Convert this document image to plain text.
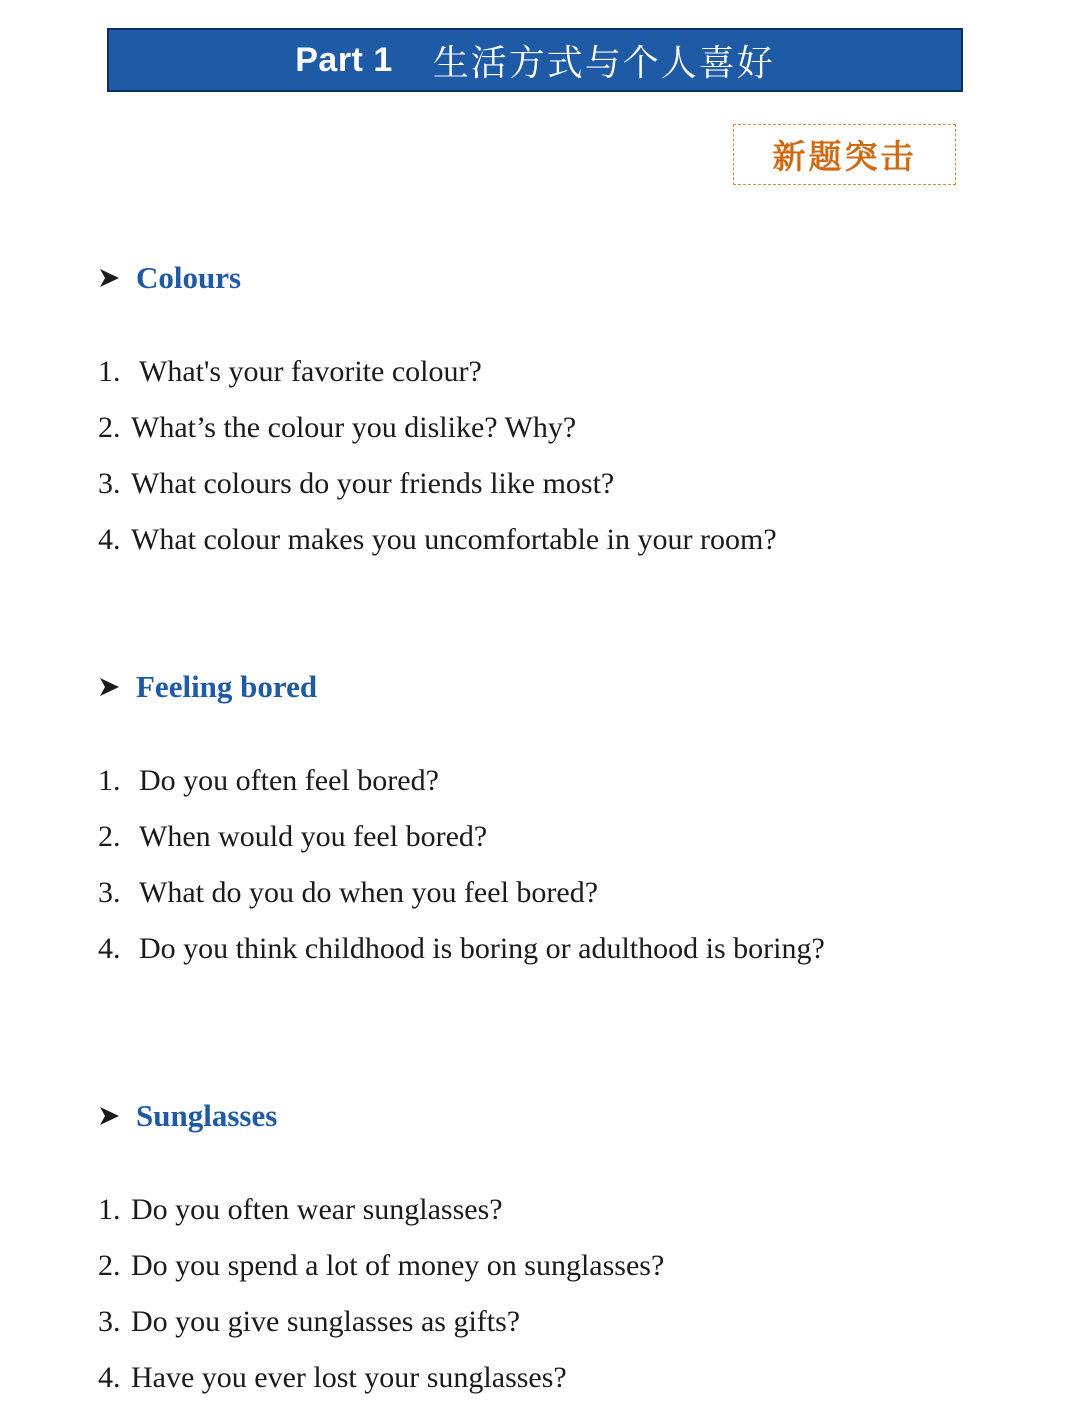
Part 1 生活方式与个人喜好
新题突击
Colours
1. What's your favorite colour?
2. What’s the colour you dislike? Why?
3. What colours do your friends like most?
4. What colour makes you uncomfortable in your room?
Feeling bored
1. Do you often feel bored?
2. When would you feel bored?
3. What do you do when you feel bored?
4. Do you think childhood is boring or adulthood is boring?
Sunglasses
1. Do you often wear sunglasses?
2. Do you spend a lot of money on sunglasses?
3. Do you give sunglasses as gifts?
4. Have you ever lost your sunglasses?
